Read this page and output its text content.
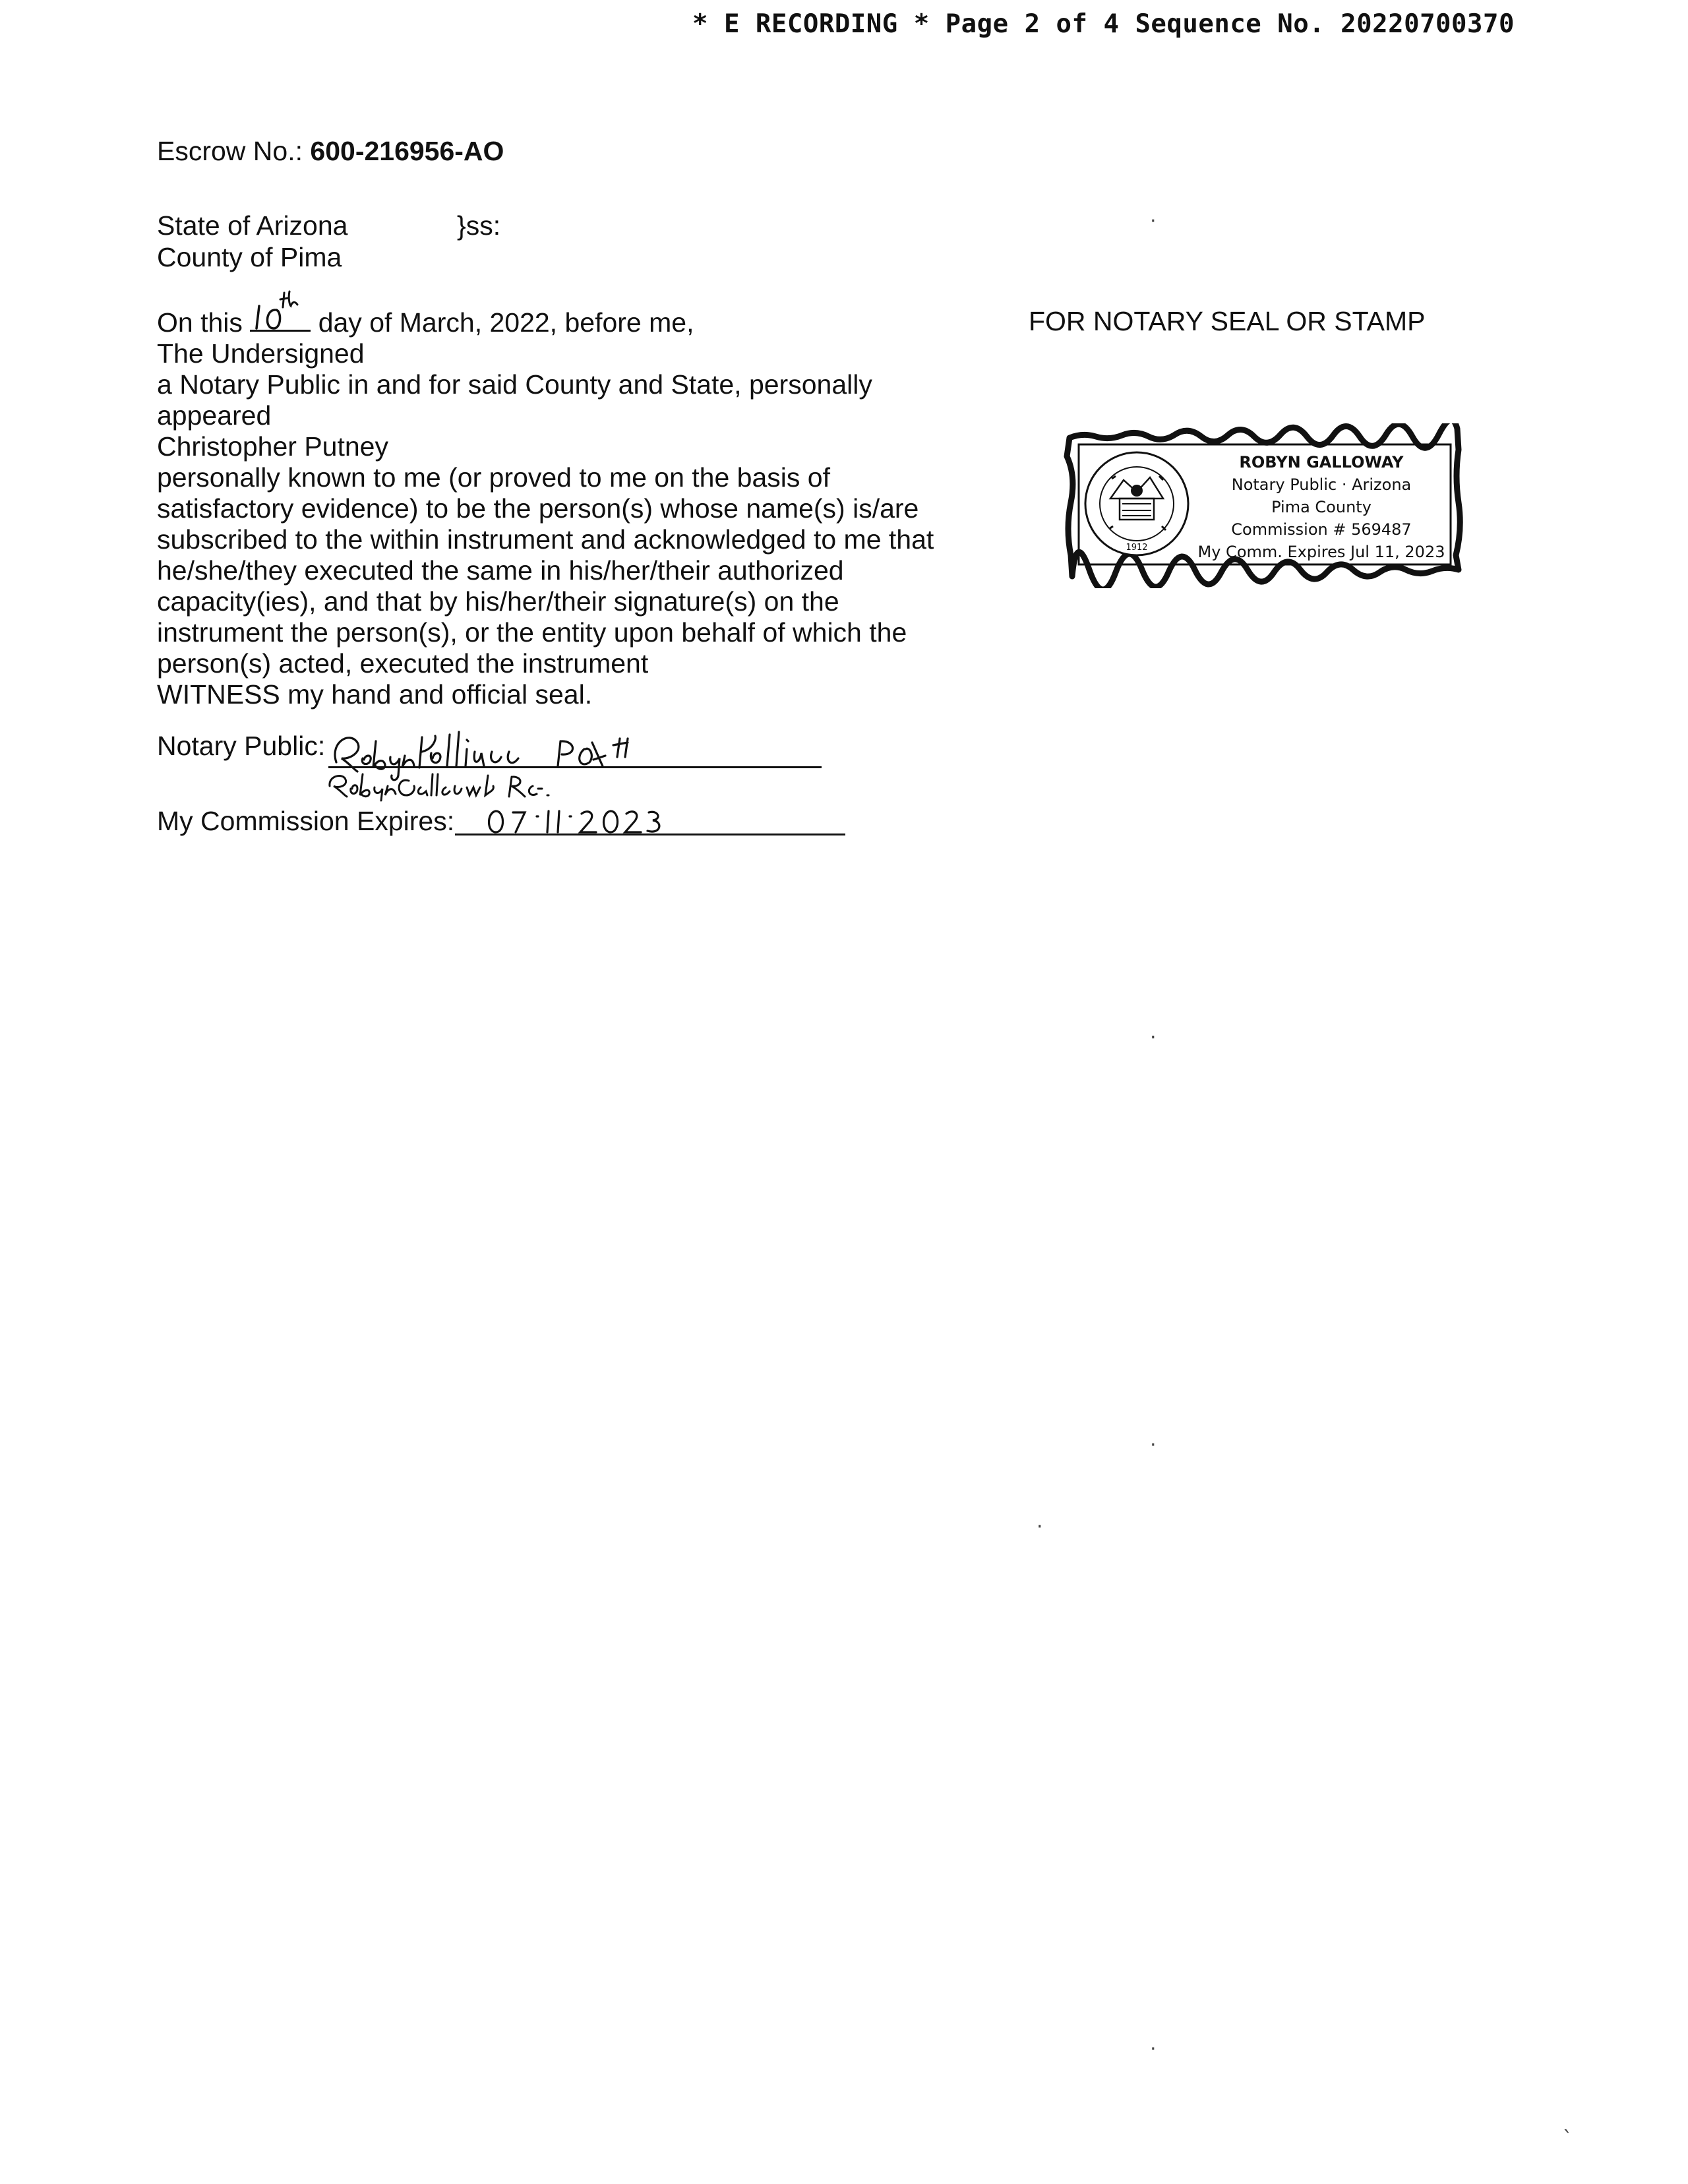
* E RECORDING * Page 2 of 4 Sequence No. 20220700370
Escrow No.: 600-216956-AO
State of Arizona
County of Pima
}ss:
On this	day of March, 2022, before me,
The Undersigned
a Notary Public in and for said County and State, personally
appeared
Christopher Putney
personally known to me (or proved to me on the basis of
satisfactory evidence) to be the person(s) whose name(s) is/are
subscribed to the within instrument and acknowledged to me that
he/she/they executed the same in his/her/their authorized
capacity(ies), and that by his/her/their signature(s) on the
instrument the person(s), or the entity upon behalf of which the
person(s) acted, executed the instrument
WITNESS my hand and official seal.
FOR NOTARY SEAL OR STAMP
1912
ROBYN GALLOWAY
Notary Public · Arizona
Pima County
Commission # 569487
My Comm. Expires Jul 11, 2023
Notary Public:
My Commission Expires:
07·11·2023
·
·
·
·
·
`
